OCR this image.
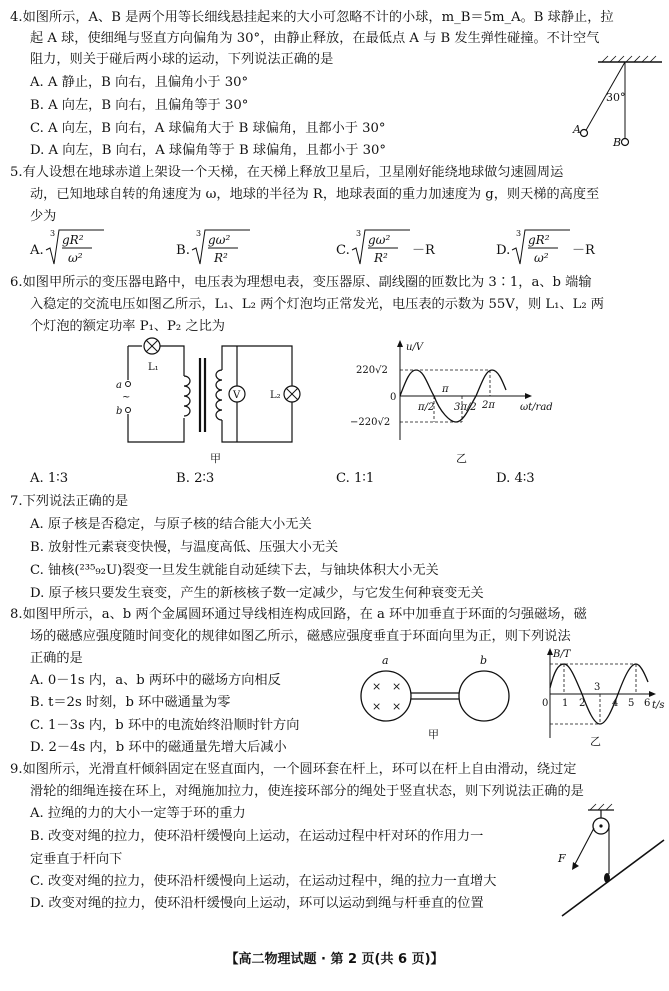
4.如图所示，A、B 是两个用等长细线悬挂起来的大小可忽略不计的小球，m_B＝5m_A。B 球静止，拉
起 A 球，使细绳与竖直方向偏角为 30°，由静止释放，在最低点 A 与 B 发生弹性碰撞。不计空气
阻力，则关于碰后两小球的运动，下列说法正确的是
A. A 静止，B 向右，且偏角小于 30°
B. A 向左，B 向右，且偏角等于 30°
C. A 向左，B 向右，A 球偏角大于 B 球偏角，且都小于 30°
D. A 向左，B 向右，A 球偏角等于 B 球偏角，且都小于 30°
30°
A
B
5.有人设想在地球赤道上架设一个天梯，在天梯上释放卫星后，卫星刚好能绕地球做匀速圆周运
动，已知地球自转的角速度为 ω，地球的半径为 R，地球表面的重力加速度为 g，则天梯的高度至
少为
A.
3 gR²
ω²	B.
3 gω²
R²	C.
3 gω²
R² －R	D.
3 gR²
ω² －R
6.如图甲所示的变压器电路中，电压表为理想电表，变压器原、副线圈的匝数比为 3∶1，a、b 端输
入稳定的交流电压如图乙所示，L₁、L₂ 两个灯泡均正常发光，电压表的示数为 55V，则 L₁、L₂ 两
个灯泡的额定功率 P₁、P₂ 之比为
~	V
L₁
L₂
a
b
甲
u/V
ωt/rad
220√2
−220√2
0
π
2π
π/2 3π/2
乙
A. 1∶3	B. 2∶3	C. 1∶1	D. 4∶3
7.下列说法正确的是
A. 原子核是否稳定，与原子核的结合能大小无关
B. 放射性元素衰变快慢，与温度高低、压强大小无关
C. 铀核(²³⁵₉₂U)裂变一旦发生就能自动延续下去，与铀块体积大小无关
D. 原子核只要发生衰变，产生的新核核子数一定减少，与它发生何种衰变无关
8.如图甲所示，a、b 两个金属圆环通过导线相连构成回路，在 a 环中加垂直于环面的匀强磁场，磁
场的磁感应强度随时间变化的规律如图乙所示，磁感应强度垂直于环面向里为正，则下列说法
正确的是
A. 0－1s 内，a、b 两环中的磁场方向相反
B. t＝2s 时刻，b 环中磁通量为零
C. 1－3s 内，b 环中的电流始终沿顺时针方向
D. 2－4s 内，b 环中的磁通量先增大后减小
× ×
× ×
a	b
甲
B/T
t/s
0 1 2
3
4 5 6
乙
9.如图所示，光滑直杆倾斜固定在竖直面内，一个圆环套在杆上，环可以在杆上自由滑动，绕过定
滑轮的细绳连接在环上，对绳施加拉力，使连接环部分的绳处于竖直状态，则下列说法正确的是
A. 拉绳的力的大小一定等于环的重力
B. 改变对绳的拉力，使环沿杆缓慢向上运动，在运动过程中杆对环的作用力一
定垂直于杆向下
C. 改变对绳的拉力，使环沿杆缓慢向上运动，在运动过程中，绳的拉力一直增大
D. 改变对绳的拉力，使环沿杆缓慢向上运动，环可以运动到绳与杆垂直的位置
F
【高二物理试题 · 第 2 页(共 6 页)】
